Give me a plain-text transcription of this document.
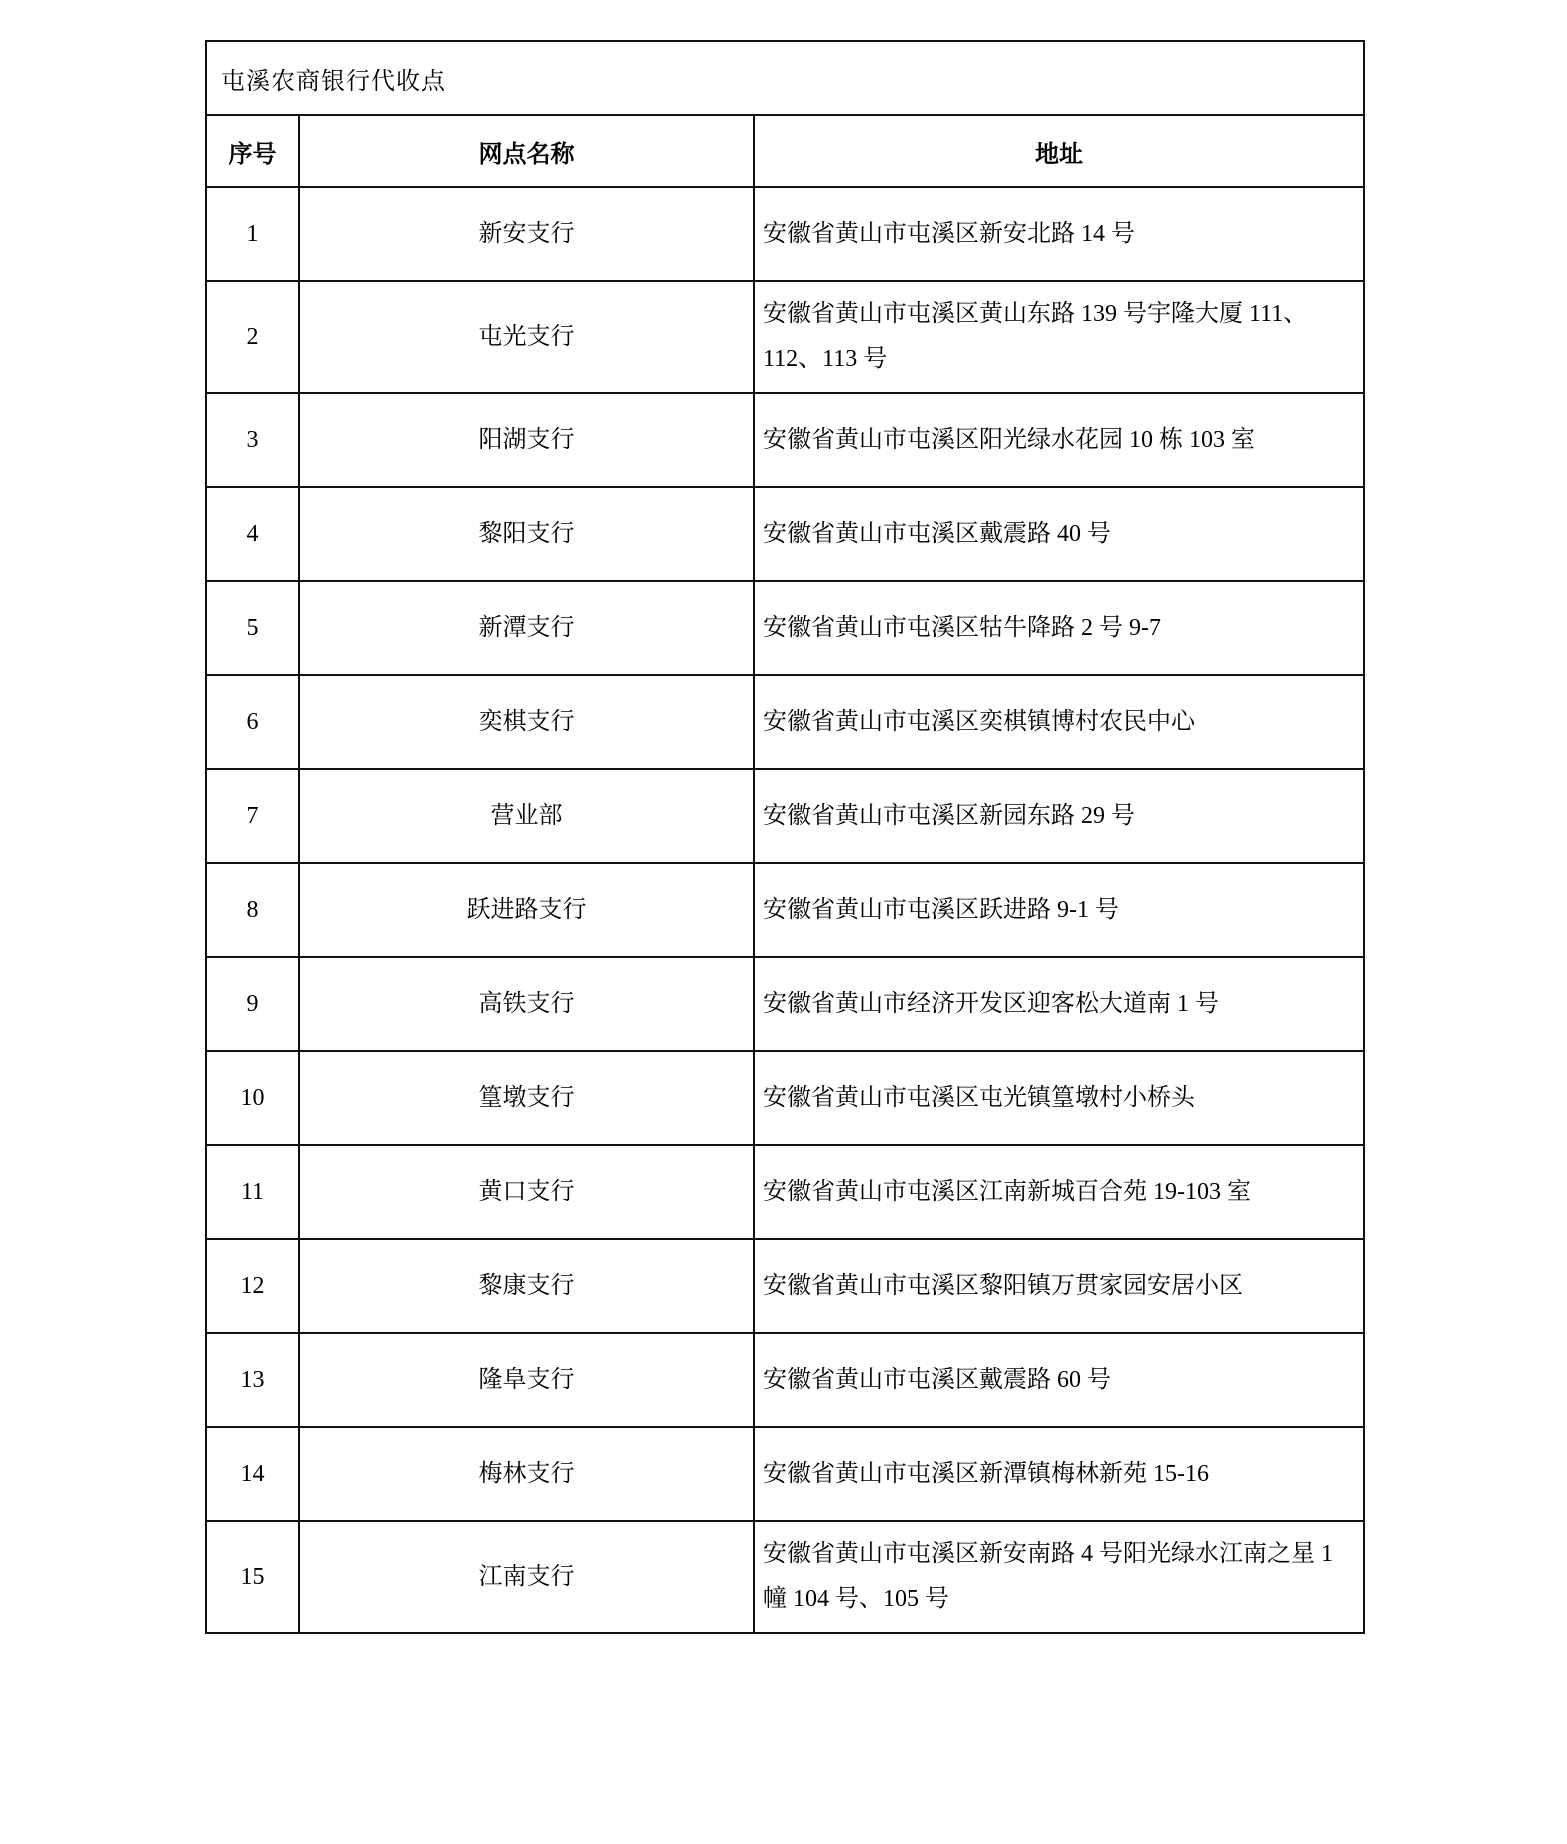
屯溪农商银行代收点		
序号	网点名称	地址
1	新安支行	安徽省黄山市屯溪区新安北路 14 号
2	屯光支行	安徽省黄山市屯溪区黄山东路 139 号宇隆大厦 111、112、113 号
3	阳湖支行	安徽省黄山市屯溪区阳光绿水花园 10 栋 103 室
4	黎阳支行	安徽省黄山市屯溪区戴震路 40 号
5	新潭支行	安徽省黄山市屯溪区牯牛降路 2 号 9-7
6	奕棋支行	安徽省黄山市屯溪区奕棋镇博村农民中心
7	营业部	安徽省黄山市屯溪区新园东路 29 号
8	跃进路支行	安徽省黄山市屯溪区跃进路 9-1 号
9	高铁支行	安徽省黄山市经济开发区迎客松大道南 1 号
10	篁墩支行	安徽省黄山市屯溪区屯光镇篁墩村小桥头
11	黄口支行	安徽省黄山市屯溪区江南新城百合苑 19-103 室
12	黎康支行	安徽省黄山市屯溪区黎阳镇万贯家园安居小区
13	隆阜支行	安徽省黄山市屯溪区戴震路 60 号
14	梅林支行	安徽省黄山市屯溪区新潭镇梅林新苑 15-16
15	江南支行	安徽省黄山市屯溪区新安南路 4 号阳光绿水江南之星 1 幢 104 号、105 号
